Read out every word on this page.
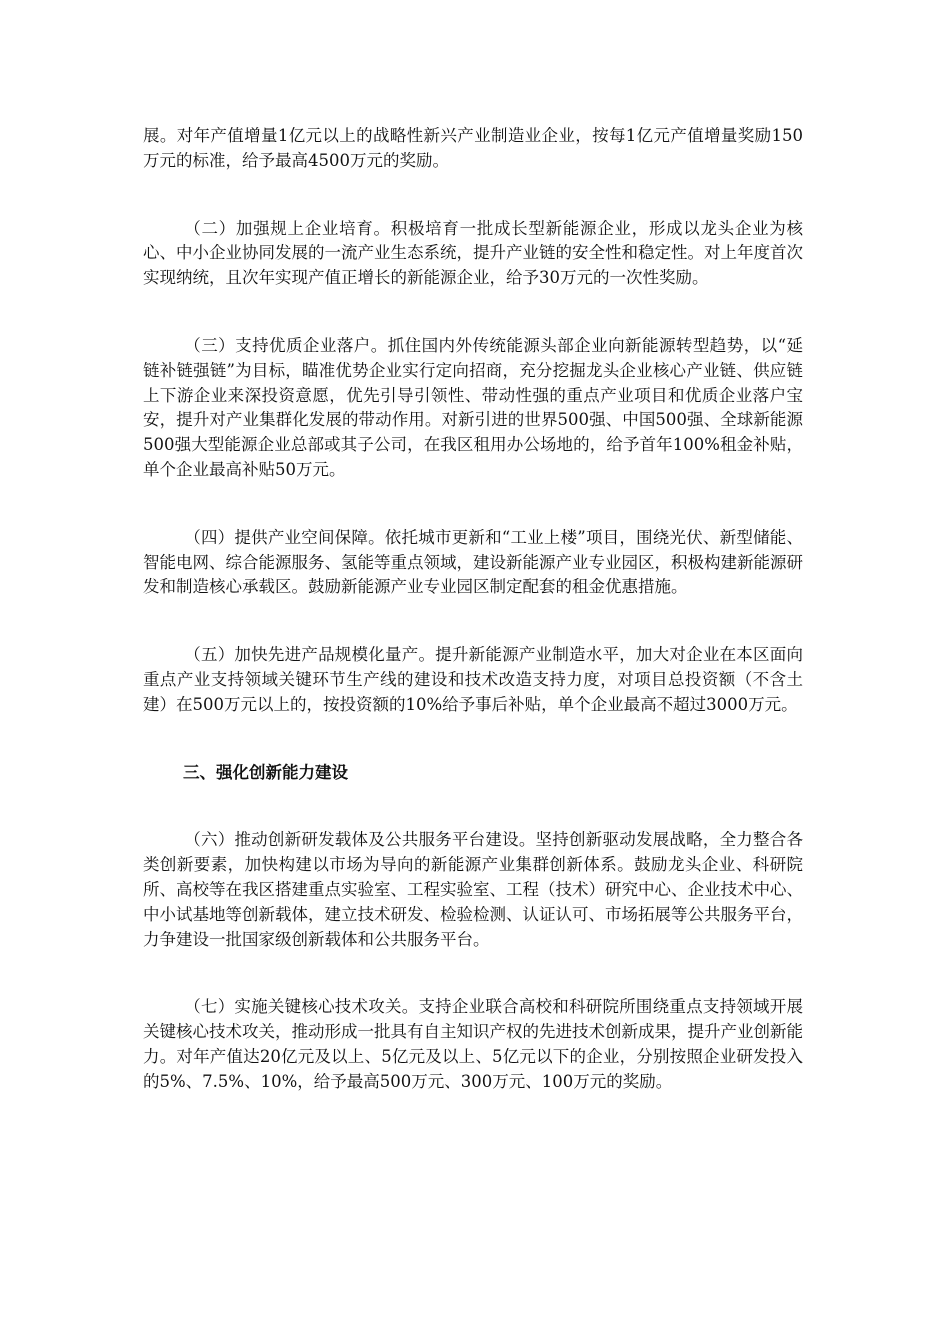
展。对年产值增量1亿元以上的战略性新兴产业制造业企业，按每1亿元产值增量奖励150万元的标准，给予最高4500万元的奖励。

（二）加强规上企业培育。积极培育一批成长型新能源企业，形成以龙头企业为核心、中小企业协同发展的一流产业生态系统，提升产业链的安全性和稳定性。对上年度首次实现纳统，且次年实现产值正增长的新能源企业，给予30万元的一次性奖励。

（三）支持优质企业落户。抓住国内外传统能源头部企业向新能源转型趋势，以“延链补链强链”为目标，瞄准优势企业实行定向招商，充分挖掘龙头企业核心产业链、供应链上下游企业来深投资意愿，优先引导引领性、带动性强的重点产业项目和优质企业落户宝安，提升对产业集群化发展的带动作用。对新引进的世界500强、中国500强、全球新能源500强大型能源企业总部或其子公司，在我区租用办公场地的，给予首年100%租金补贴，单个企业最高补贴50万元。

（四）提供产业空间保障。依托城市更新和“工业上楼”项目，围绕光伏、新型储能、智能电网、综合能源服务、氢能等重点领域，建设新能源产业专业园区，积极构建新能源研发和制造核心承载区。鼓励新能源产业专业园区制定配套的租金优惠措施。

（五）加快先进产品规模化量产。提升新能源产业制造水平，加大对企业在本区面向重点产业支持领域关键环节生产线的建设和技术改造支持力度，对项目总投资额（不含土建）在500万元以上的，按投资额的10%给予事后补贴，单个企业最高不超过3000万元。

三、强化创新能力建设

（六）推动创新研发载体及公共服务平台建设。坚持创新驱动发展战略，全力整合各类创新要素，加快构建以市场为导向的新能源产业集群创新体系。鼓励龙头企业、科研院所、高校等在我区搭建重点实验室、工程实验室、工程（技术）研究中心、企业技术中心、中小试基地等创新载体，建立技术研发、检验检测、认证认可、市场拓展等公共服务平台，力争建设一批国家级创新载体和公共服务平台。

（七）实施关键核心技术攻关。支持企业联合高校和科研院所围绕重点支持领域开展关键核心技术攻关，推动形成一批具有自主知识产权的先进技术创新成果，提升产业创新能力。对年产值达20亿元及以上、5亿元及以上、5亿元以下的企业，分别按照企业研发投入的5%、7.5%、10%，给予最高500万元、300万元、100万元的奖励。
